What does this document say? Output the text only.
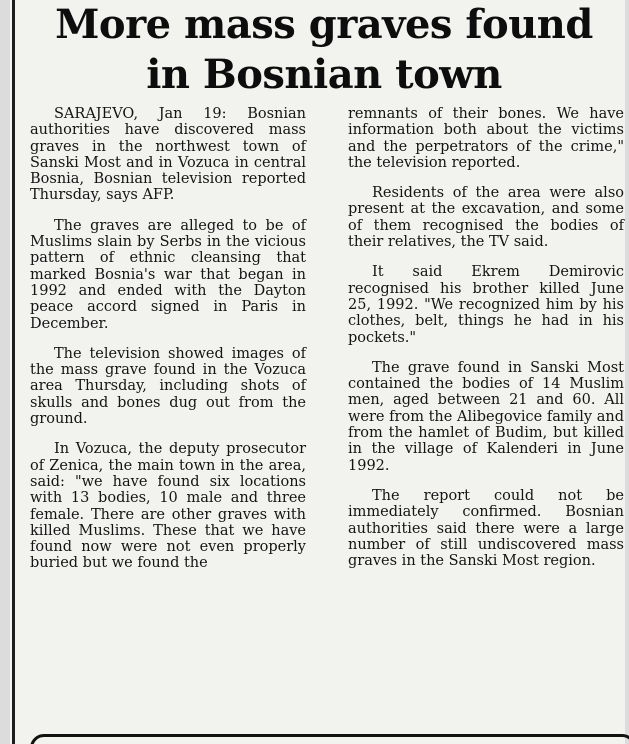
More mass graves found
in Bosnian town

SARAJEVO, Jan 19: Bosnian authorities have discovered mass graves in the northwest town of Sanski Most and in Vozuca in central Bosnia, Bosnian television reported Thursday, says AFP.

The graves are alleged to be of Muslims slain by Serbs in the vicious pattern of ethnic cleansing that marked Bosnia's war that began in 1992 and ended with the Dayton peace accord signed in Paris in December.

The television showed images of the mass grave found in the Vozuca area Thursday, including shots of skulls and bones dug out from the ground.

In Vozuca, the deputy prosecutor of Zenica, the main town in the area, said: "we have found six locations with 13 bodies, 10 male and three female. There are other graves with killed Muslims. These that we have found now were not even properly buried but we found the

remnants of their bones. We have information both about the victims and the perpetrators of the crime," the television reported.

Residents of the area were also present at the excavation, and some of them recognised the bodies of their relatives, the TV said.

It said Ekrem Demirovic recognised his brother killed June 25, 1992. "We recognized him by his clothes, belt, things he had in his pockets."

The grave found in Sanski Most contained the bodies of 14 Muslim men, aged between 21 and 60. All were from the Alibegovice family and from the hamlet of Budim, but killed in the village of Kalenderi in June 1992.

The report could not be immediately confirmed. Bosnian authorities said there were a large number of still undiscovered mass graves in the Sanski Most region.
